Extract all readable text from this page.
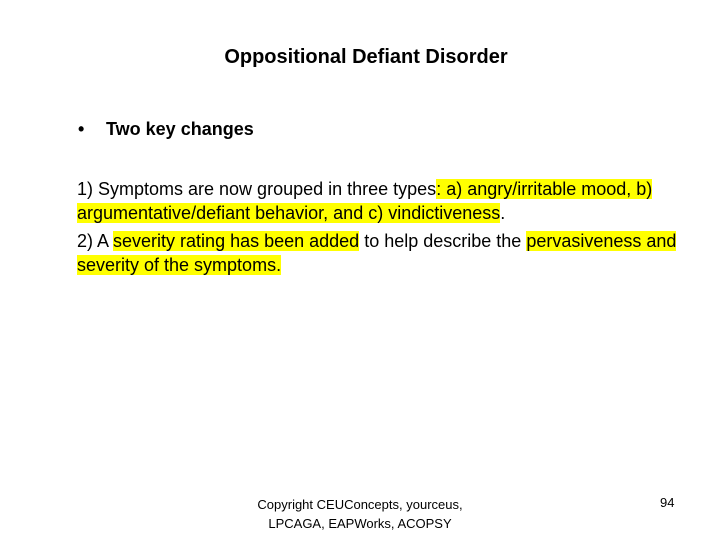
Oppositional Defiant Disorder
• Two key changes

1) Symptoms are now grouped in three types: a) angry/irritable mood, b) argumentative/defiant behavior, and c) vindictiveness.

2) A severity rating has been added to help describe the pervasiveness and severity of the symptoms.

Copyright CEUConcepts, yourceus, LPCAGA, EAPWorks, ACOPSY
94
